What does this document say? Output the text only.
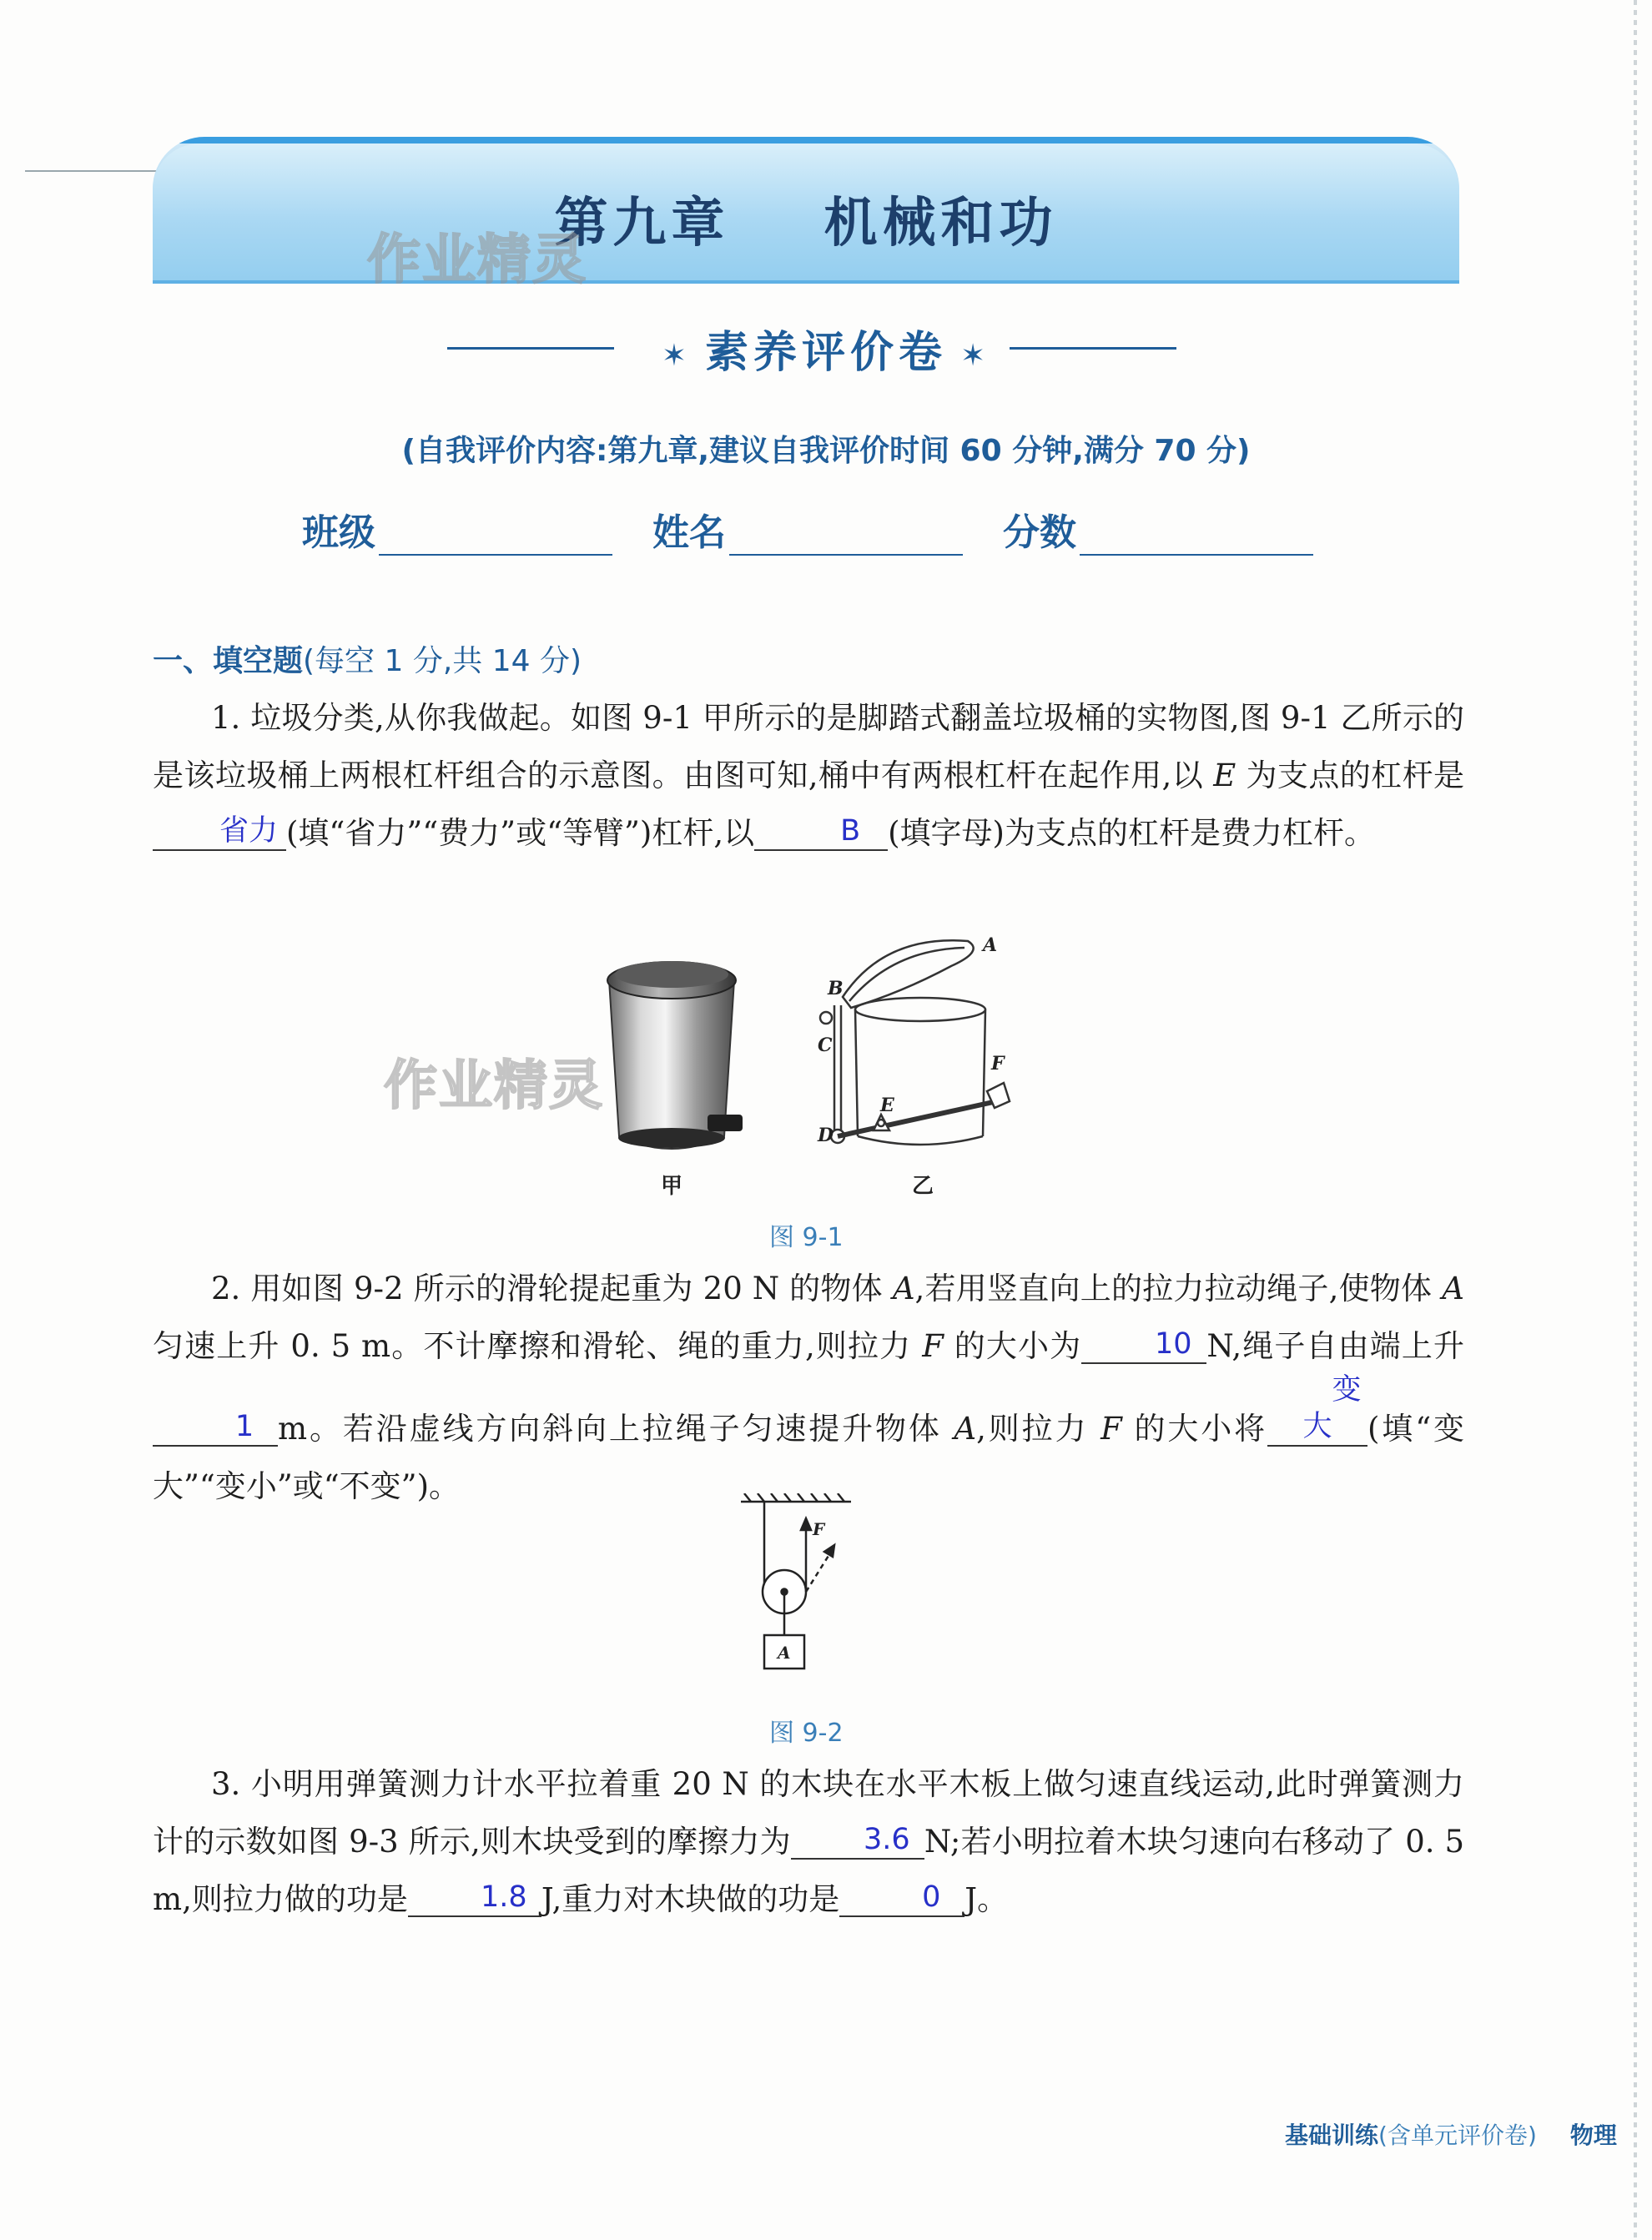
第九章    机械和功
作业精灵
✶ 素养评价卷 ✶
(自我评价内容:第九章,建议自我评价时间 60 分钟,满分 70 分)
班级	姓名	分数
一、填空题(每空 1 分,共 14 分)
1. 垃圾分类,从你我做起。如图 9-1 甲所示的是脚踏式翻盖垃圾桶的实物图,图 9-1 乙所示的是该垃圾桶上两根杠杆组合的示意图。由图可知,桶中有两根杠杆在起作用,以 E 为支点的杠杆是省力 (填“省力”“费力”或“等臂”)杠杆,以	B (填字母)为支点的杠杆是费力杠杆。
甲
B
A
C
D
E
F
乙
作业精灵
图 9-1
2. 用如图 9-2 所示的滑轮提起重为 20 N 的物体 A,若用竖直向上的拉力拉动绳子,使物体 A 匀速上升 0. 5 m。不计摩擦和滑轮、绳的重力,则拉力 F 的大小为	10 N,绳子自由端上升1 m。若沿虚线方向斜向上拉绳子匀速提升物体 A,则拉力 F 的大小将变大 (填“变大”“变小”或“不变”)。
F
A
图 9-2
3. 小明用弹簧测力计水平拉着重 20 N 的木块在水平木板上做匀速直线运动,此时弹簧测力计的示数如图 9-3 所示,则木块受到的摩擦力为 3.6 N;若小明拉着木块匀速向右移动了 0. 5 m,则拉力做的功是 1.8 J,重力对木块做的功是	0 J。
基础训练(含单元评价卷) 物理
